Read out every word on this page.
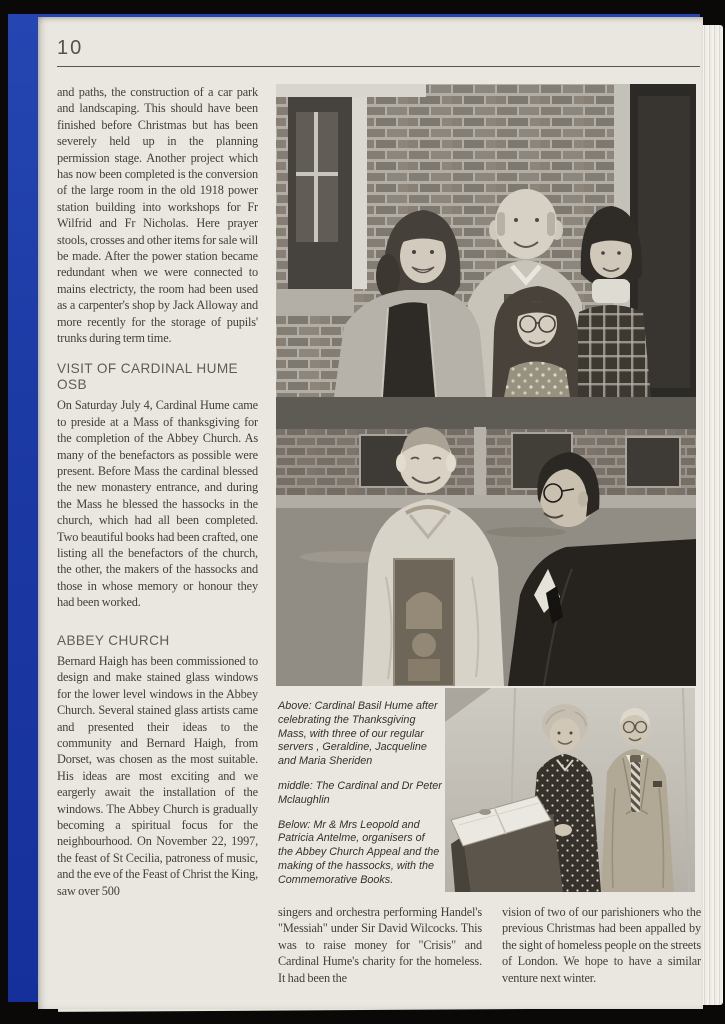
10

and paths, the construction of a car park and landscaping. This should have been finished before Christmas but has been severely held up in the planning permission stage. Another project which has now been completed is the conversion of the large room in the old 1918 power station building into workshops for Fr Wilfrid and Fr Nicholas. Here prayer stools, crosses and other items for sale will be made. After the power station became redundant when we were connected to mains electricty, the room had been used as a carpenter's shop by Jack Alloway and more recently for the storage of pupils' trunks during term time.

VISIT OF CARDINAL HUME OSB

On Saturday July 4, Cardinal Hume came to preside at a Mass of thanksgiving for the completion of the Abbey Church. As many of the benefactors as possible were present. Before Mass the cardinal blessed the new monastery entrance, and during the Mass he blessed the hassocks in the church, which had all been completed. Two beautiful books had been crafted, one listing all the benefactors of the church, the other, the makers of the hassocks and those in whose memory or honour they had been worked.

ABBEY CHURCH

Bernard Haigh has been commissioned to design and make stained glass windows for the lower level windows in the Abbey Church. Several stained glass artists came and presented their ideas to the community and Bernard Haigh, from Dorset, was chosen as the most suitable. His ideas are most exciting and we eargerly await the installation of the windows. The Abbey Church is gradually becoming a spiritual focus for the neighbourhood. On November 22, 1997, the feast of St Cecilia, patroness of music, and the eve of the Feast of Christ the King, saw over 500

Above: Cardinal Basil Hume after celebrating the Thanksgiving Mass, with three of our regular servers , Geraldine, Jacqueline and Maria Sheriden

middle: The Cardinal and Dr Peter Mclaughlin

Below: Mr & Mrs Leopold and Patricia Antelme, organisers of the Abbey Church Appeal and the making of the hassocks, with the Commemorative Books.

singers and orchestra performing Handel's "Messiah" under Sir David Wilcocks. This was to raise money for "Crisis" and Cardinal Hume's charity for the homeless. It had been the

vision of two of our parishioners who the previous Christmas had been appalled by the sight of homeless people on the streets of London. We hope to have a similar venture next winter.
